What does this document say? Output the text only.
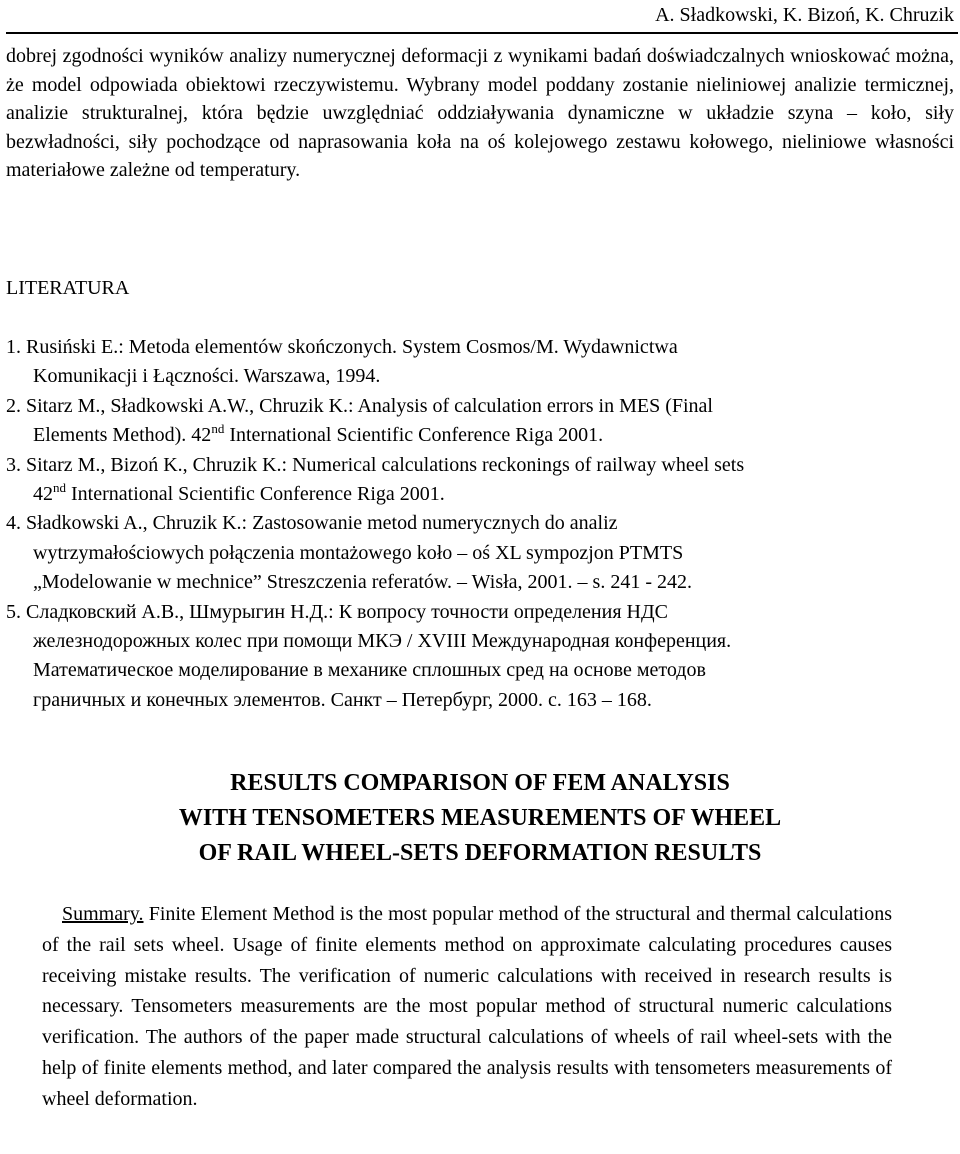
A. Sładkowski, K. Bizoń, K. Chruzik

dobrej zgodności wyników analizy numerycznej deformacji z wynikami badań doświadczalnych wnioskować można, że model odpowiada obiektowi rzeczywistemu. Wybrany model poddany zostanie nieliniowej analizie termicznej, analizie strukturalnej, która będzie uwzględniać oddziaływania dynamiczne w układzie szyna – koło, siły bezwładności, siły pochodzące od naprasowania koła na oś kolejowego zestawu kołowego, nieliniowe własności materiałowe zależne od temperatury.

LITERATURA
1. Rusiński E.: Metoda elementów skończonych. System Cosmos/M. Wydawnictwa
Komunikacji i Łączności. Warszawa, 1994.
2. Sitarz M., Sładkowski A.W., Chruzik K.: Analysis of calculation errors in MES (Final
Elements Method). 42nd International Scientific Conference Riga 2001.
3. Sitarz M., Bizoń K., Chruzik K.: Numerical calculations reckonings of railway wheel sets
42nd International Scientific Conference Riga 2001.
4. Sładkowski A., Chruzik K.: Zastosowanie metod numerycznych do analiz
wytrzymałościowych połączenia montażowego koło – oś XL sympozjon PTMTS
„Modelowanie w mechnice” Streszczenia referatów. – Wisła, 2001. – s. 241 - 242.
5. Сладковский А.В., Шмурыгин Н.Д.: К вопросу точности определения НДС
железнодорожных колес при помощи МКЭ / XVIII Международная конференция.
Математическое моделирование в механике сплошных сред на основе методов
граничных и конечных элементов. Санкт – Петербург, 2000. с. 163 – 168.
RESULTS COMPARISON OF FEM ANALYSIS
WITH TENSOMETERS MEASUREMENTS OF WHEEL
OF RAIL WHEEL-SETS DEFORMATION RESULTS

Summary. Finite Element Method is the most popular method of the structural and thermal calculations of the rail sets wheel. Usage of finite elements method on approximate calculating procedures causes receiving mistake results. The verification of numeric calculations with received in research results is necessary. Tensometers measurements are the most popular method of structural numeric calculations verification. The authors of the paper made structural calculations of wheels of rail wheel-sets with the help of finite elements method, and later compared the analysis results with tensometers measurements of wheel deformation.
